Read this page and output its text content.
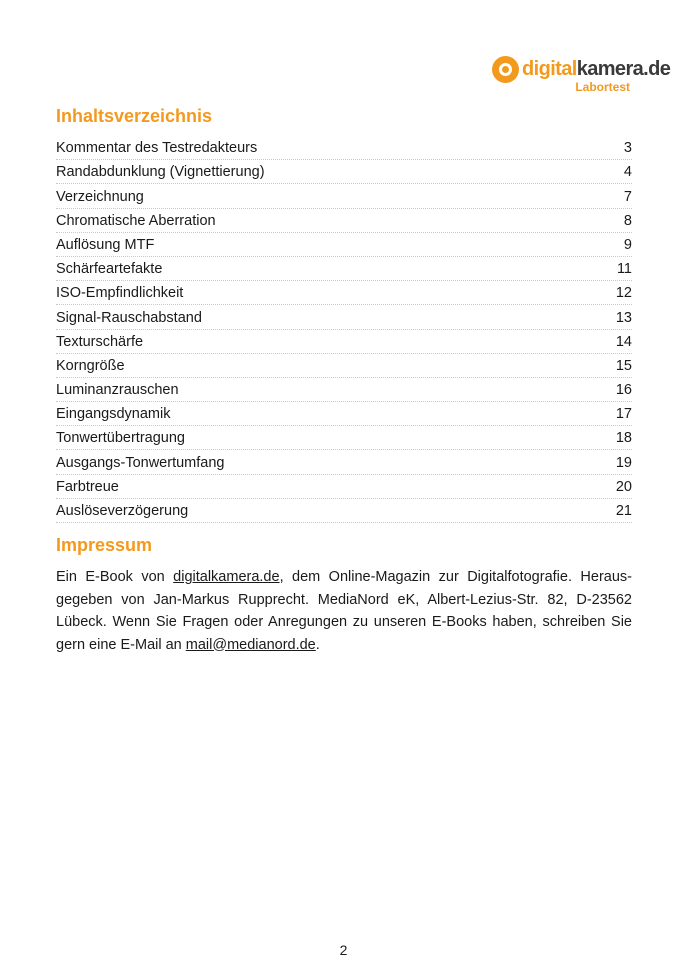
digitalkamera.de
Labortest
Inhaltsverzeichnis
Kommentar des Testredakteurs	3
Randabdunklung (Vignettierung)	4
Verzeichnung	7
Chromatische Aberration	8
Auflösung MTF	9
Schärfeartefakte	11
ISO-Empfindlichkeit	12
Signal-Rauschabstand	13
Texturschärfe	14
Korngröße	15
Luminanzrauschen	16
Eingangsdynamik	17
Tonwertübertragung	18
Ausgangs-Tonwertumfang	19
Farbtreue	20
Auslöseverzögerung	21
Impressum

Ein E-Book von digitalkamera.de, dem Online-Magazin zur Digitalfotografie. Herausgegeben von Jan-Markus Rupprecht. MediaNord eK, Albert-Lezius-Str. 82, D-23562 Lübeck. Wenn Sie Fragen oder Anregungen zu unseren E-Books haben, schreiben Sie gern eine E-Mail an mail@medianord.de.

2
